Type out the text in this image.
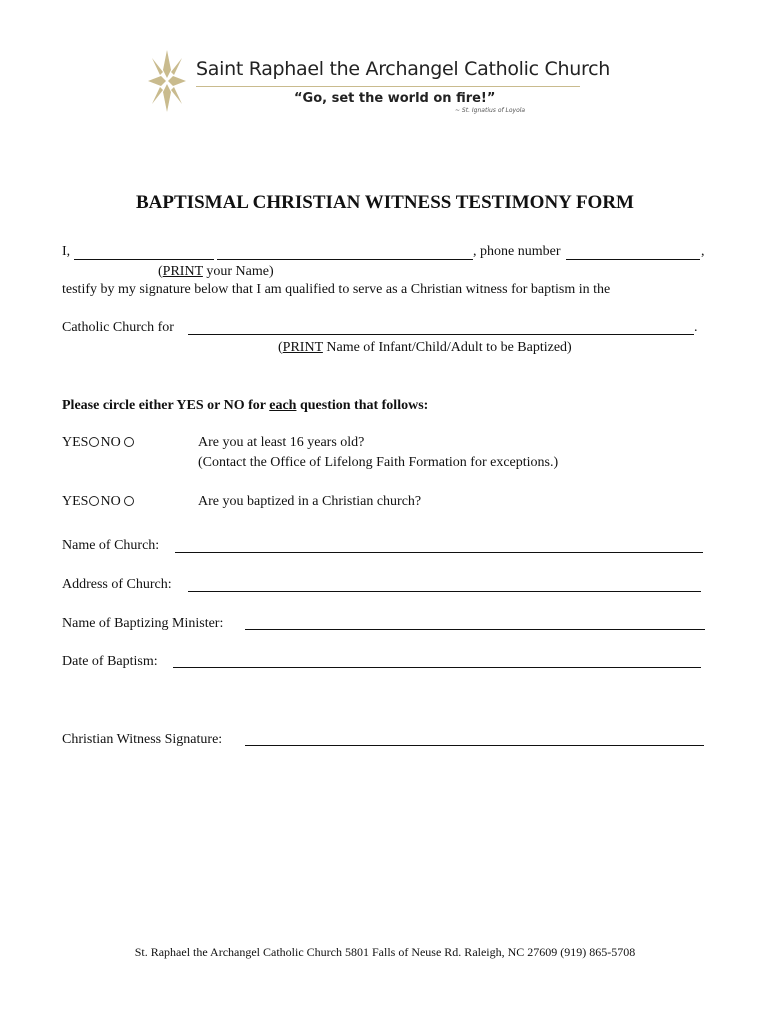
Saint Raphael the Archangel Catholic Church
“Go, set the world on fire!”
~ St. Ignatius of Loyola
BAPTISMAL CHRISTIAN WITNESS TESTIMONY FORM
I,	, phone number	,
(PRINT your Name)
testify by my signature below that I am qualified to serve as a Christian witness for baptism in the
Catholic Church for	.
(PRINT Name of Infant/Child/Adult to be Baptized)
Please circle either YES or NO for each question that follows:
YES NO	Are you at least 16 years old?
(Contact the Office of Lifelong Faith Formation for exceptions.)
YES NO	Are you baptized in a Christian church?
Name of Church:
Address of Church:
Name of Baptizing Minister:
Date of Baptism:
Christian Witness Signature:
St. Raphael the Archangel Catholic Church 5801 Falls of Neuse Rd. Raleigh, NC 27609 (919) 865-5708
